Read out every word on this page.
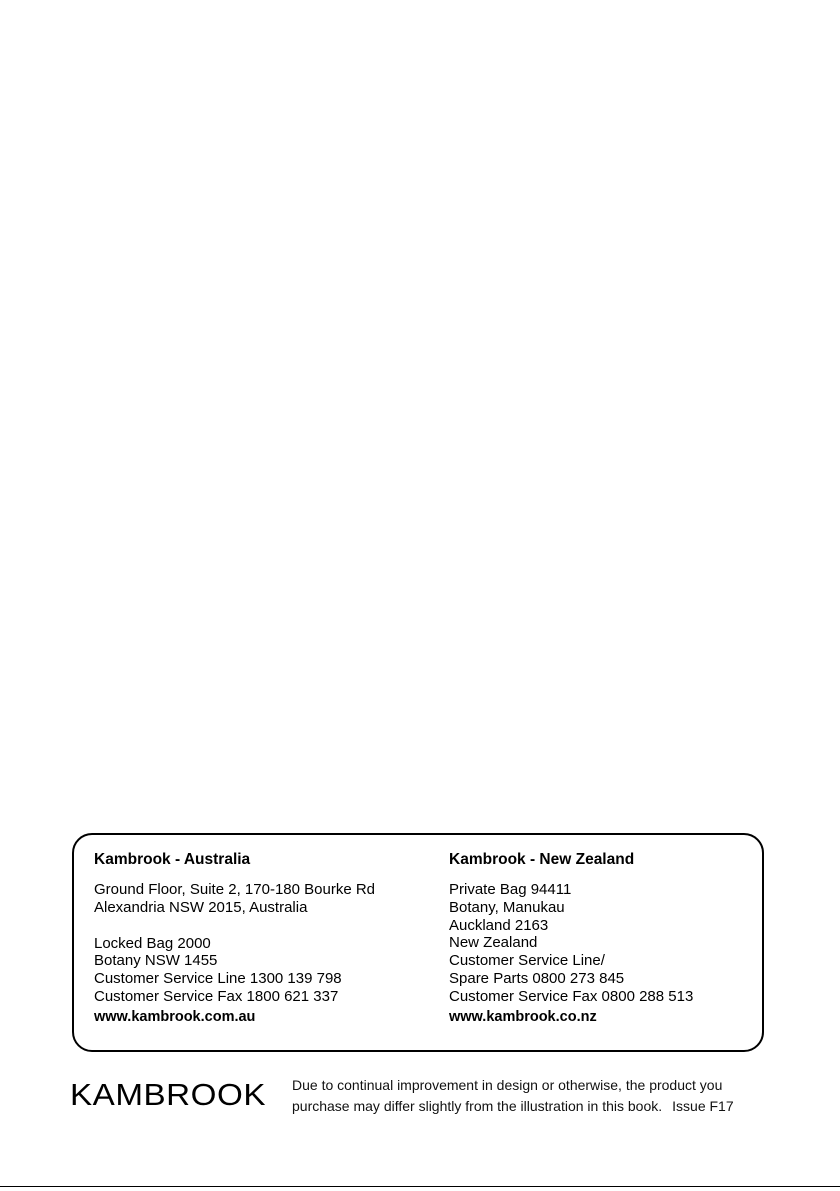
Kambrook - Australia
Ground Floor, Suite 2, 170-180 Bourke Rd
Alexandria NSW 2015, Australia
Locked Bag 2000
Botany NSW 1455
Customer Service Line 1300 139 798
Customer Service Fax 1800 621 337
www.kambrook.com.au
Kambrook - New Zealand
Private Bag 94411
Botany, Manukau
Auckland 2163
New Zealand
Customer Service Line/
Spare Parts 0800 273 845
Customer Service Fax 0800 288 513
www.kambrook.co.nz
KAMBROOK Due to continual improvement in design or otherwise, the product you
purchase may differ slightly from the illustration in this book. Issue F17
